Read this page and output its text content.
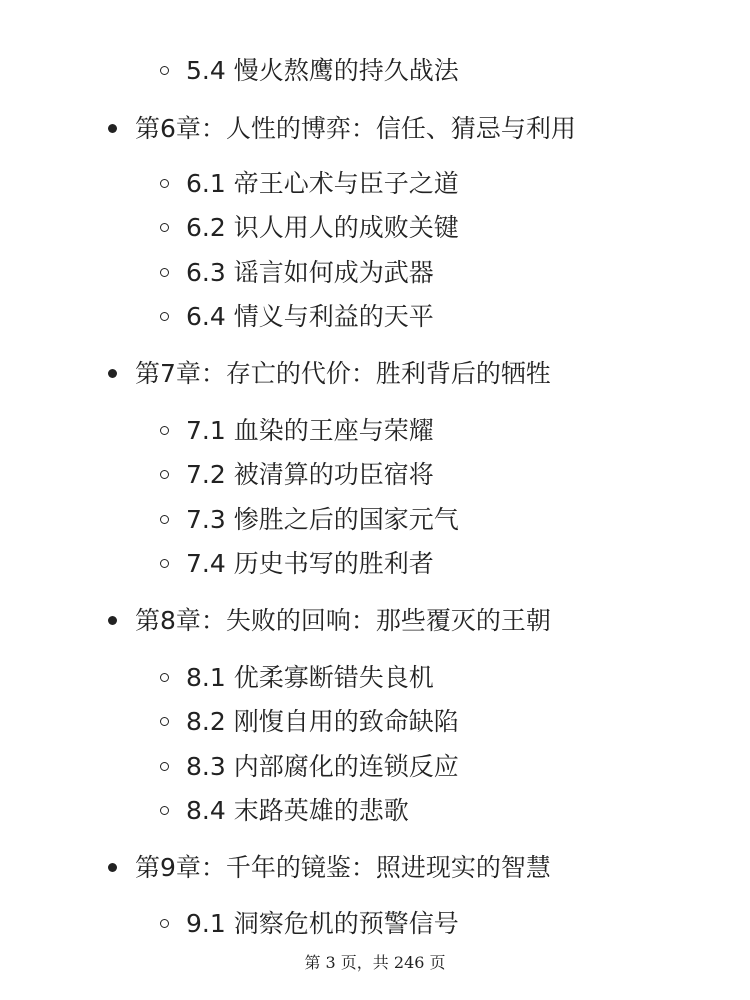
5.4 慢火熬鹰的持久战法
第6章：人性的博弈：信任、猜忌与利用
6.1 帝王心术与臣子之道
6.2 识人用人的成败关键
6.3 谣言如何成为武器
6.4 情义与利益的天平
第7章：存亡的代价：胜利背后的牺牲
7.1 血染的王座与荣耀
7.2 被清算的功臣宿将
7.3 惨胜之后的国家元气
7.4 历史书写的胜利者
第8章：失败的回响：那些覆灭的王朝
8.1 优柔寡断错失良机
8.2 刚愎自用的致命缺陷
8.3 内部腐化的连锁反应
8.4 末路英雄的悲歌
第9章：千年的镜鉴：照进现实的智慧
9.1 洞察危机的预警信号
第 3 页，共 246 页
